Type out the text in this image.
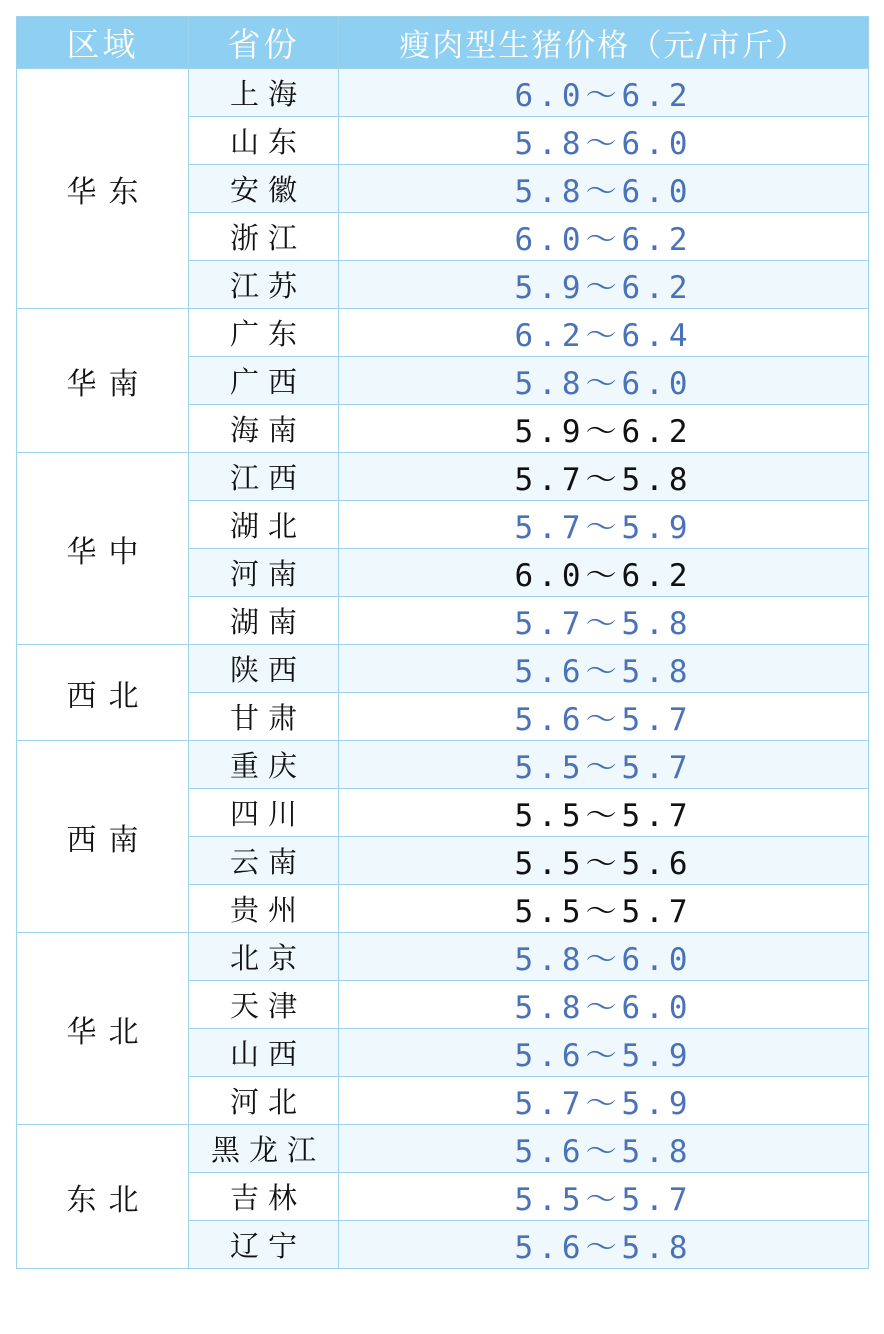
区域	省份	瘦肉型生猪价格（元/市斤）
华东	上海	6.0～6.2
	山东	5.8～6.0
	安徽	5.8～6.0
	浙江	6.0～6.2
	江苏	5.9～6.2
华南	广东	6.2～6.4
	广西	5.8～6.0
	海南	5.9～6.2
华中	江西	5.7～5.8
	湖北	5.7～5.9
	河南	6.0～6.2
	湖南	5.7～5.8
西北	陕西	5.6～5.8
	甘肃	5.6～5.7
西南	重庆	5.5～5.7
	四川	5.5～5.7
	云南	5.5～5.6
	贵州	5.5～5.7
华北	北京	5.8～6.0
	天津	5.8～6.0
	山西	5.6～5.9
	河北	5.7～5.9
东北	黑龙江	5.6～5.8
	吉林	5.5～5.7
	辽宁	5.6～5.8
